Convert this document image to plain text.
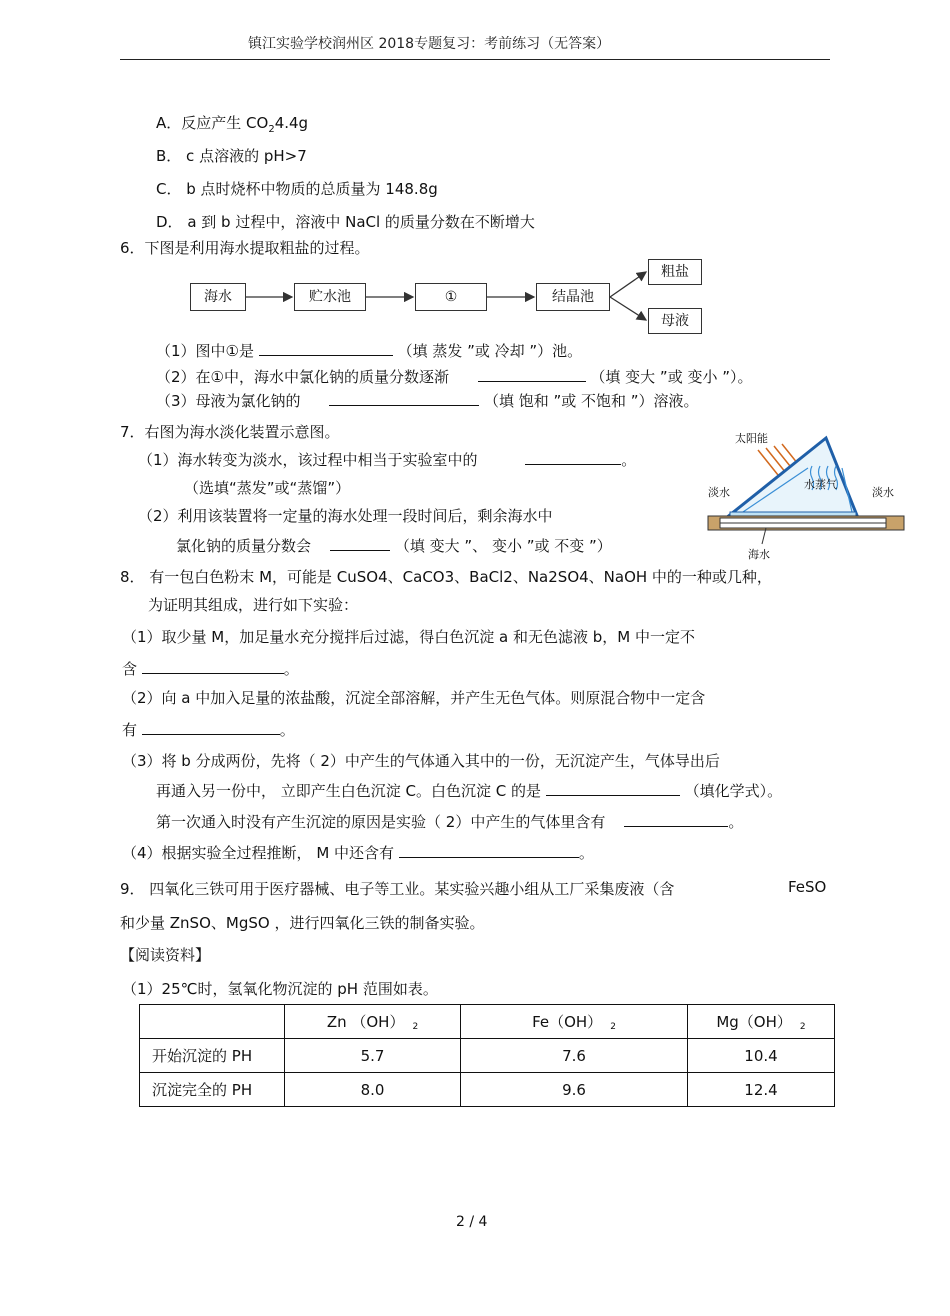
镇江实验学校润州区 2018专题复习：考前练习（无答案）
A．反应产生 $CO_24.4g$
B． c 点溶液的 pH>7
C． b 点时烧杯中物质的总质量为 148.8g
D． a 到 b 过程中，溶液中 NaCl 的质量分数在不断增大
6．下图是利用海水提取粗盐的过程。
海水	贮水池	①	结晶池
粗盐
母液
（1）图中①是	（填 蒸发 ”或 冷却 ”）池。
（2）在①中，海水中氯化钠的质量分数逐渐	（填 变大 ”或 变小 ”）。
（3）母液为氯化钠的	（填 饱和 ”或 不饱和 ”）溶液。
7．右图为海水淡化装置示意图。
（1）海水转变为淡水，该过程中相当于实验室中的	。
（选填“蒸发”或“蒸馏”）
（2）利用该装置将一定量的海水处理一段时间后，剩余海水中
氯化钠的质量分数会	（填 变大 ”、 变小 ”或 不变 ”）
太阳能
淡水
水蒸气
淡水
海水
8． 有一包白色粉末 M，可能是 CuSO4、CaCO3、BaCl2、Na2SO4、NaOH 中的一种或几种，
为证明其组成，进行如下实验：
（1）取少量 M，加足量水充分搅拌后过滤，得白色沉淀 a 和无色滤液 b，M 中一定不
含	。
（2）向 a 中加入足量的浓盐酸，沉淀全部溶解，并产生无色气体。则原混合物中一定含
有	。
（3）将 b 分成两份，先将（ 2）中产生的气体通入其中的一份，无沉淀产生，气体导出后
再通入另一份中， 立即产生白色沉淀 C。白色沉淀 C 的是	（填化学式）。
第一次通入时没有产生沉淀的原因是实验（ 2）中产生的气体里含有	。
（4）根据实验全过程推断， M 中还含有	。
9． 四氧化三铁可用于医疗器械、电子等工业。某实验兴趣小组从工厂采集废液（含	FeSO
和少量 ZnSO、MgSO ，进行四氧化三铁的制备实验。
【阅读资料】
（1）25℃时，氢氧化物沉淀的 pH 范围如表。
	Zn （OH） 2	Fe（OH） 2	Mg（OH） 2
开始沉淀的 PH	5.7	7.6	10.4
沉淀完全的 PH	8.0	9.6	12.4
2 / 4
